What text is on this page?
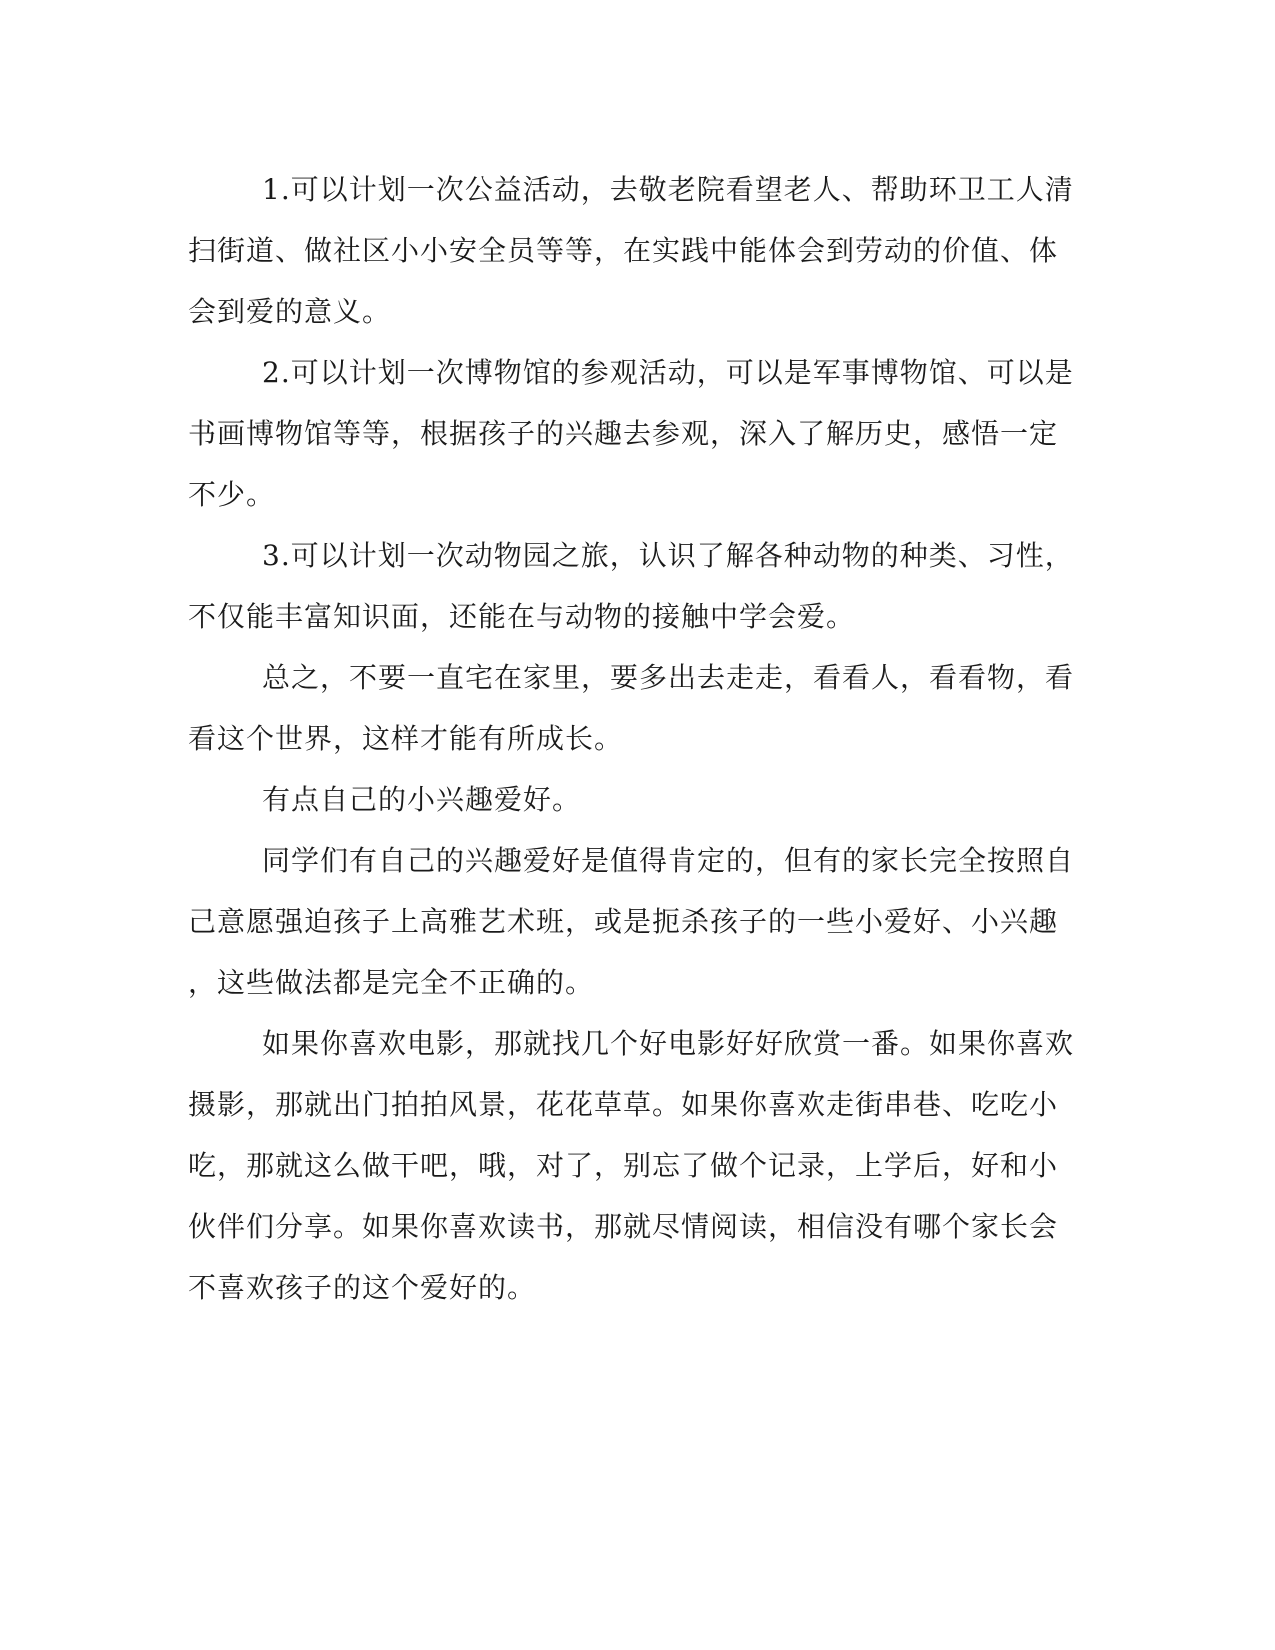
1.可以计划一次公益活动，去敬老院看望老人、帮助环卫工人清
扫街道、做社区小小安全员等等，在实践中能体会到劳动的价值、体
会到爱的意义。
2.可以计划一次博物馆的参观活动，可以是军事博物馆、可以是
书画博物馆等等，根据孩子的兴趣去参观，深入了解历史，感悟一定
不少。
3.可以计划一次动物园之旅，认识了解各种动物的种类、习性，
不仅能丰富知识面，还能在与动物的接触中学会爱。
总之，不要一直宅在家里，要多出去走走，看看人，看看物，看
看这个世界，这样才能有所成长。
有点自己的小兴趣爱好。
同学们有自己的兴趣爱好是值得肯定的，但有的家长完全按照自
己意愿强迫孩子上高雅艺术班，或是扼杀孩子的一些小爱好、小兴趣
，这些做法都是完全不正确的。
如果你喜欢电影，那就找几个好电影好好欣赏一番。如果你喜欢
摄影，那就出门拍拍风景，花花草草。如果你喜欢走街串巷、吃吃小
吃，那就这么做干吧，哦，对了，别忘了做个记录，上学后，好和小
伙伴们分享。如果你喜欢读书，那就尽情阅读，相信没有哪个家长会
不喜欢孩子的这个爱好的。
